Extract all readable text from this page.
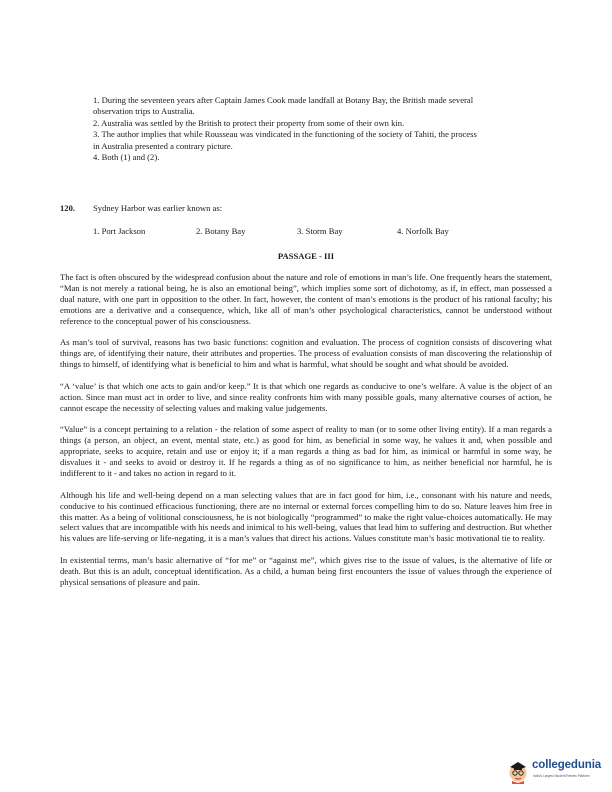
1. During the seventeen years after Captain James Cook made landfall at Botany Bay, the British made several observation trips to Australia.

2. Australia was settled by the British to protect their property from some of their own kin.

3. The author implies that while Rousseau was vindicated in the functioning of the society of Tahiti, the process in Australia presented a contrary picture.

4. Both (1) and (2).

120. Sydney Harbor was earlier known as:
1. Port Jackson	2. Botany Bay	3. Storm Bay	4. Norfolk Bay
PASSAGE - III

The fact is often obscured by the widespread confusion about the nature and role of emotions in man’s life. One frequently hears the statement, “Man is not merely a rational being, he is also an emotional being”, which implies some sort of dichotomy, as if, in effect, man possessed a dual nature, with one part in opposition to the other. In fact, however, the content of man’s emotions is the product of his rational faculty; his emotions are a derivative and a consequence, which, like all of man’s other psychological characteristics, cannot be understood without reference to the conceptual power of his consciousness.

As man’s tool of survival, reasons has two basic functions: cognition and evaluation. The process of cognition consists of discovering what things are, of identifying their nature, their attributes and properties. The process of evaluation consists of man discovering the relationship of things to himself, of identifying what is beneficial to him and what is harmful, what should be sought and what should be avoided.

“A ‘value’ is that which one acts to gain and/or keep.” It is that which one regards as conducive to one’s welfare. A value is the object of an action. Since man must act in order to live, and since reality confronts him with many possible goals, many alternative courses of action, he cannot escape the necessity of selecting values and making value judgements.

“Value” is a concept pertaining to a relation - the relation of some aspect of reality to man (or to some other living entity). If a man regards a things (a person, an object, an event, mental state, etc.) as good for him, as beneficial in some way, he values it and, when possible and appropriate, seeks to acquire, retain and use or enjoy it; if a man regards a thing as bad for him, as inimical or harmful in some way, he disvalues it - and seeks to avoid or destroy it. If he regards a thing as of no significance to him, as neither beneficial nor harmful, he is indifferent to it - and takes no action in regard to it.

Although his life and well-being depend on a man selecting values that are in fact good for him, i.e., consonant with his nature and needs, conducive to his continued efficacious functioning, there are no internal or external forces compelling him to do so. Nature leaves him free in this matter. As a being of volitional consciousness, he is not biologically “programmed” to make the right value-choices automatically. He may select values that are incompatible with his needs and inimical to his well-being, values that lead him to suffering and destruction. But whether his values are life-serving or life-negating, it is a man’s values that direct his actions. Values constitute man’s basic motivational tie to reality.

In existential terms, man’s basic alternative of “for me” or “against me”, which gives rise to the issue of values, is the alternative of life or death. But this is an adult, conceptual identification. As a child, a human being first encounters the issue of values through the experience of physical sensations of pleasure and pain.

collegedunia
India's Largest Student Review Platform
